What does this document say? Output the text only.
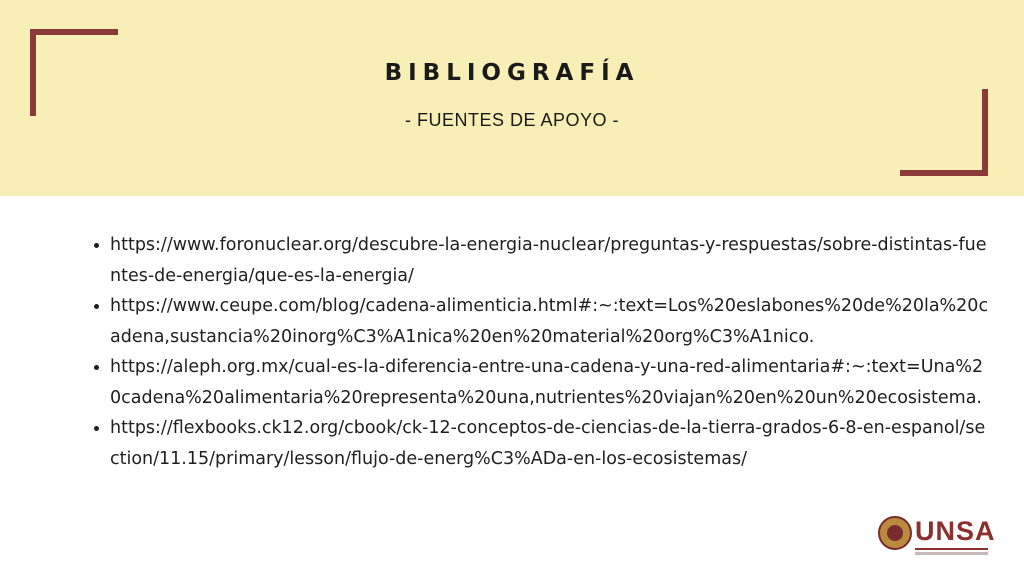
BIBLIOGRAFÍA
- FUENTES DE APOYO -
• https://www.foronuclear.org/descubre-la-energia-nuclear/preguntas-y-respuestas/sobre-distintas-fuentes-de-energia/que-es-la-energia/
• https://www.ceupe.com/blog/cadena-alimenticia.html#:~:text=Los%20eslabones%20de%20la%20cadena,sustancia%20inorg%C3%A1nica%20en%20material%20org%C3%A1nico.
• https://aleph.org.mx/cual-es-la-diferencia-entre-una-cadena-y-una-red-alimentaria#:~:text=Una%20cadena%20alimentaria%20representa%20una,nutrientes%20viajan%20en%20un%20ecosistema.
• https://flexbooks.ck12.org/cbook/ck-12-conceptos-de-ciencias-de-la-tierra-grados-6-8-en-espanol/section/11.15/primary/lesson/flujo-de-energ%C3%ADa-en-los-ecosistemas/
UNSA
